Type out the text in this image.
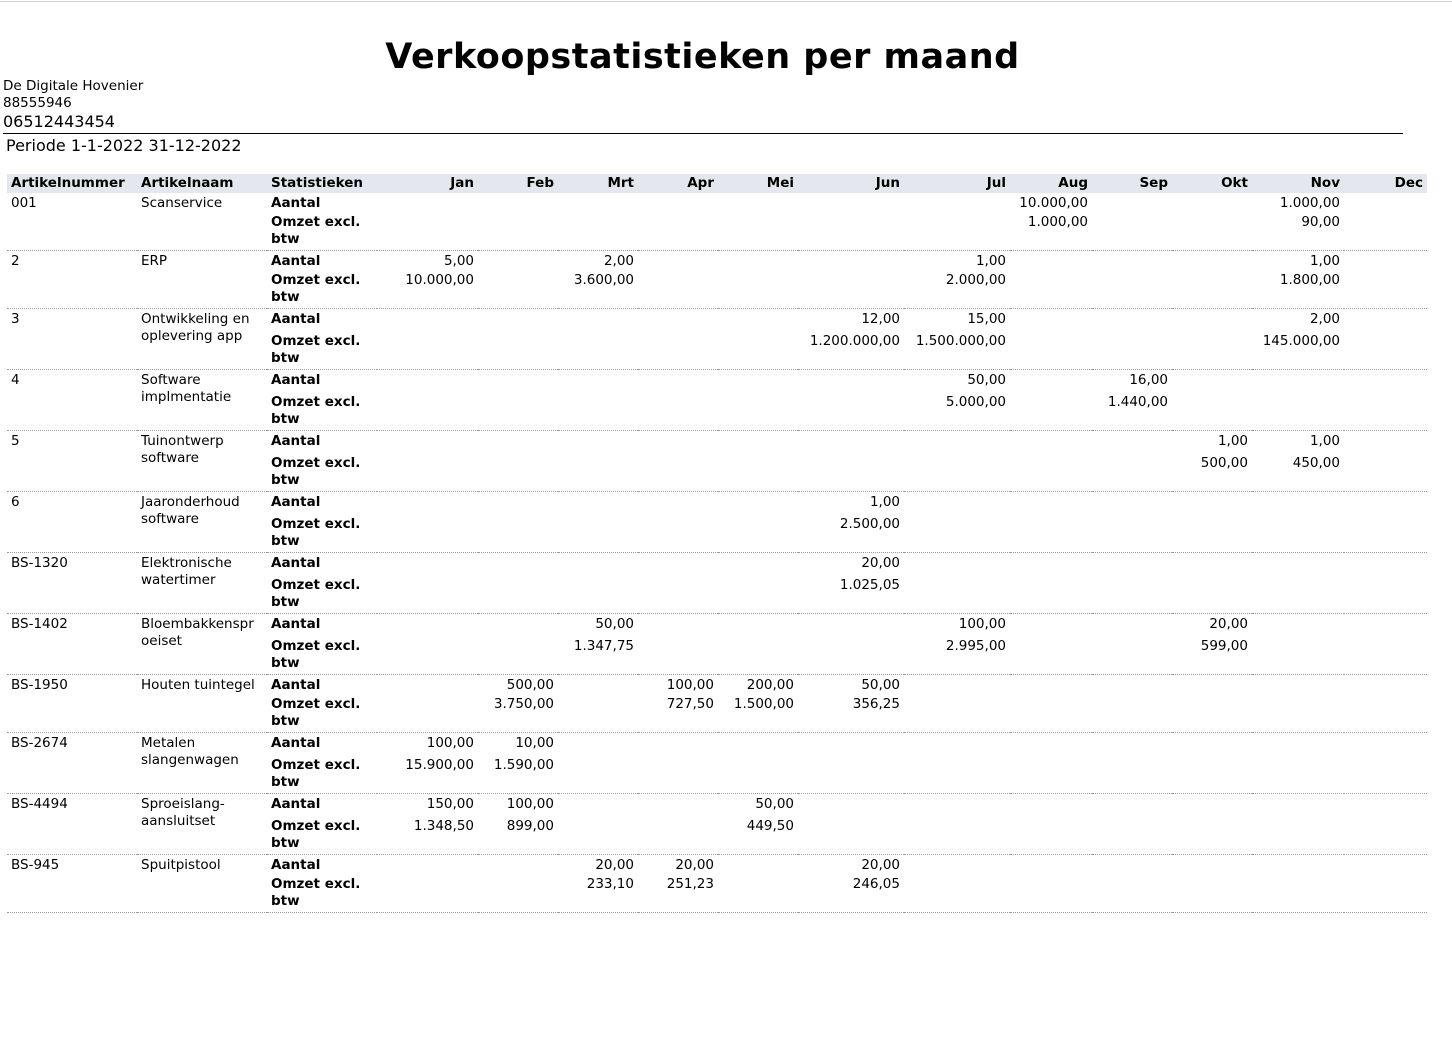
Verkoopstatistieken per maand
De Digitale Hovenier
88555946
06512443454
Periode 1-1-2022 31-12-2022
Artikelnummer	Artikelnaam	Statistieken	Jan	Feb	Mrt	Apr	Mei	Jun	Jul	Aug	Sep	Okt	Nov	Dec
001	Scanservice	Aantal								10.000,00			1.000,00	
		Omzet excl. btw								1.000,00			90,00	
2	ERP	Aantal	5,00		2,00				1,00				1,00	
		Omzet excl. btw	10.000,00		3.600,00				2.000,00				1.800,00	
3	Ontwikkeling en oplevering app	Aantal						12,00	15,00				2,00	
		Omzet excl. btw						1.200.000,00	1.500.000,00				145.000,00	
4	Software implmentatie	Aantal							50,00		16,00			
		Omzet excl. btw							5.000,00		1.440,00			
5	Tuinontwerp software	Aantal										1,00	1,00	
		Omzet excl. btw										500,00	450,00	
6	Jaaronderhoud software	Aantal						1,00						
		Omzet excl. btw						2.500,00						
BS-1320	Elektronische watertimer	Aantal						20,00						
		Omzet excl. btw						1.025,05						
BS-1402	Bloembakkenspr oeiset	Aantal			50,00				100,00			20,00		
		Omzet excl. btw			1.347,75				2.995,00			599,00		
BS-1950	Houten tuintegel	Aantal		500,00		100,00	200,00	50,00						
		Omzet excl. btw		3.750,00		727,50	1.500,00	356,25						
BS-2674	Metalen slangenwagen	Aantal	100,00	10,00										
		Omzet excl. btw	15.900,00	1.590,00										
BS-4494	Sproeislang-aansluitset	Aantal	150,00	100,00			50,00							
		Omzet excl. btw	1.348,50	899,00			449,50							
BS-945	Spuitpistool	Aantal			20,00	20,00		20,00						
		Omzet excl. btw			233,10	251,23		246,05						
